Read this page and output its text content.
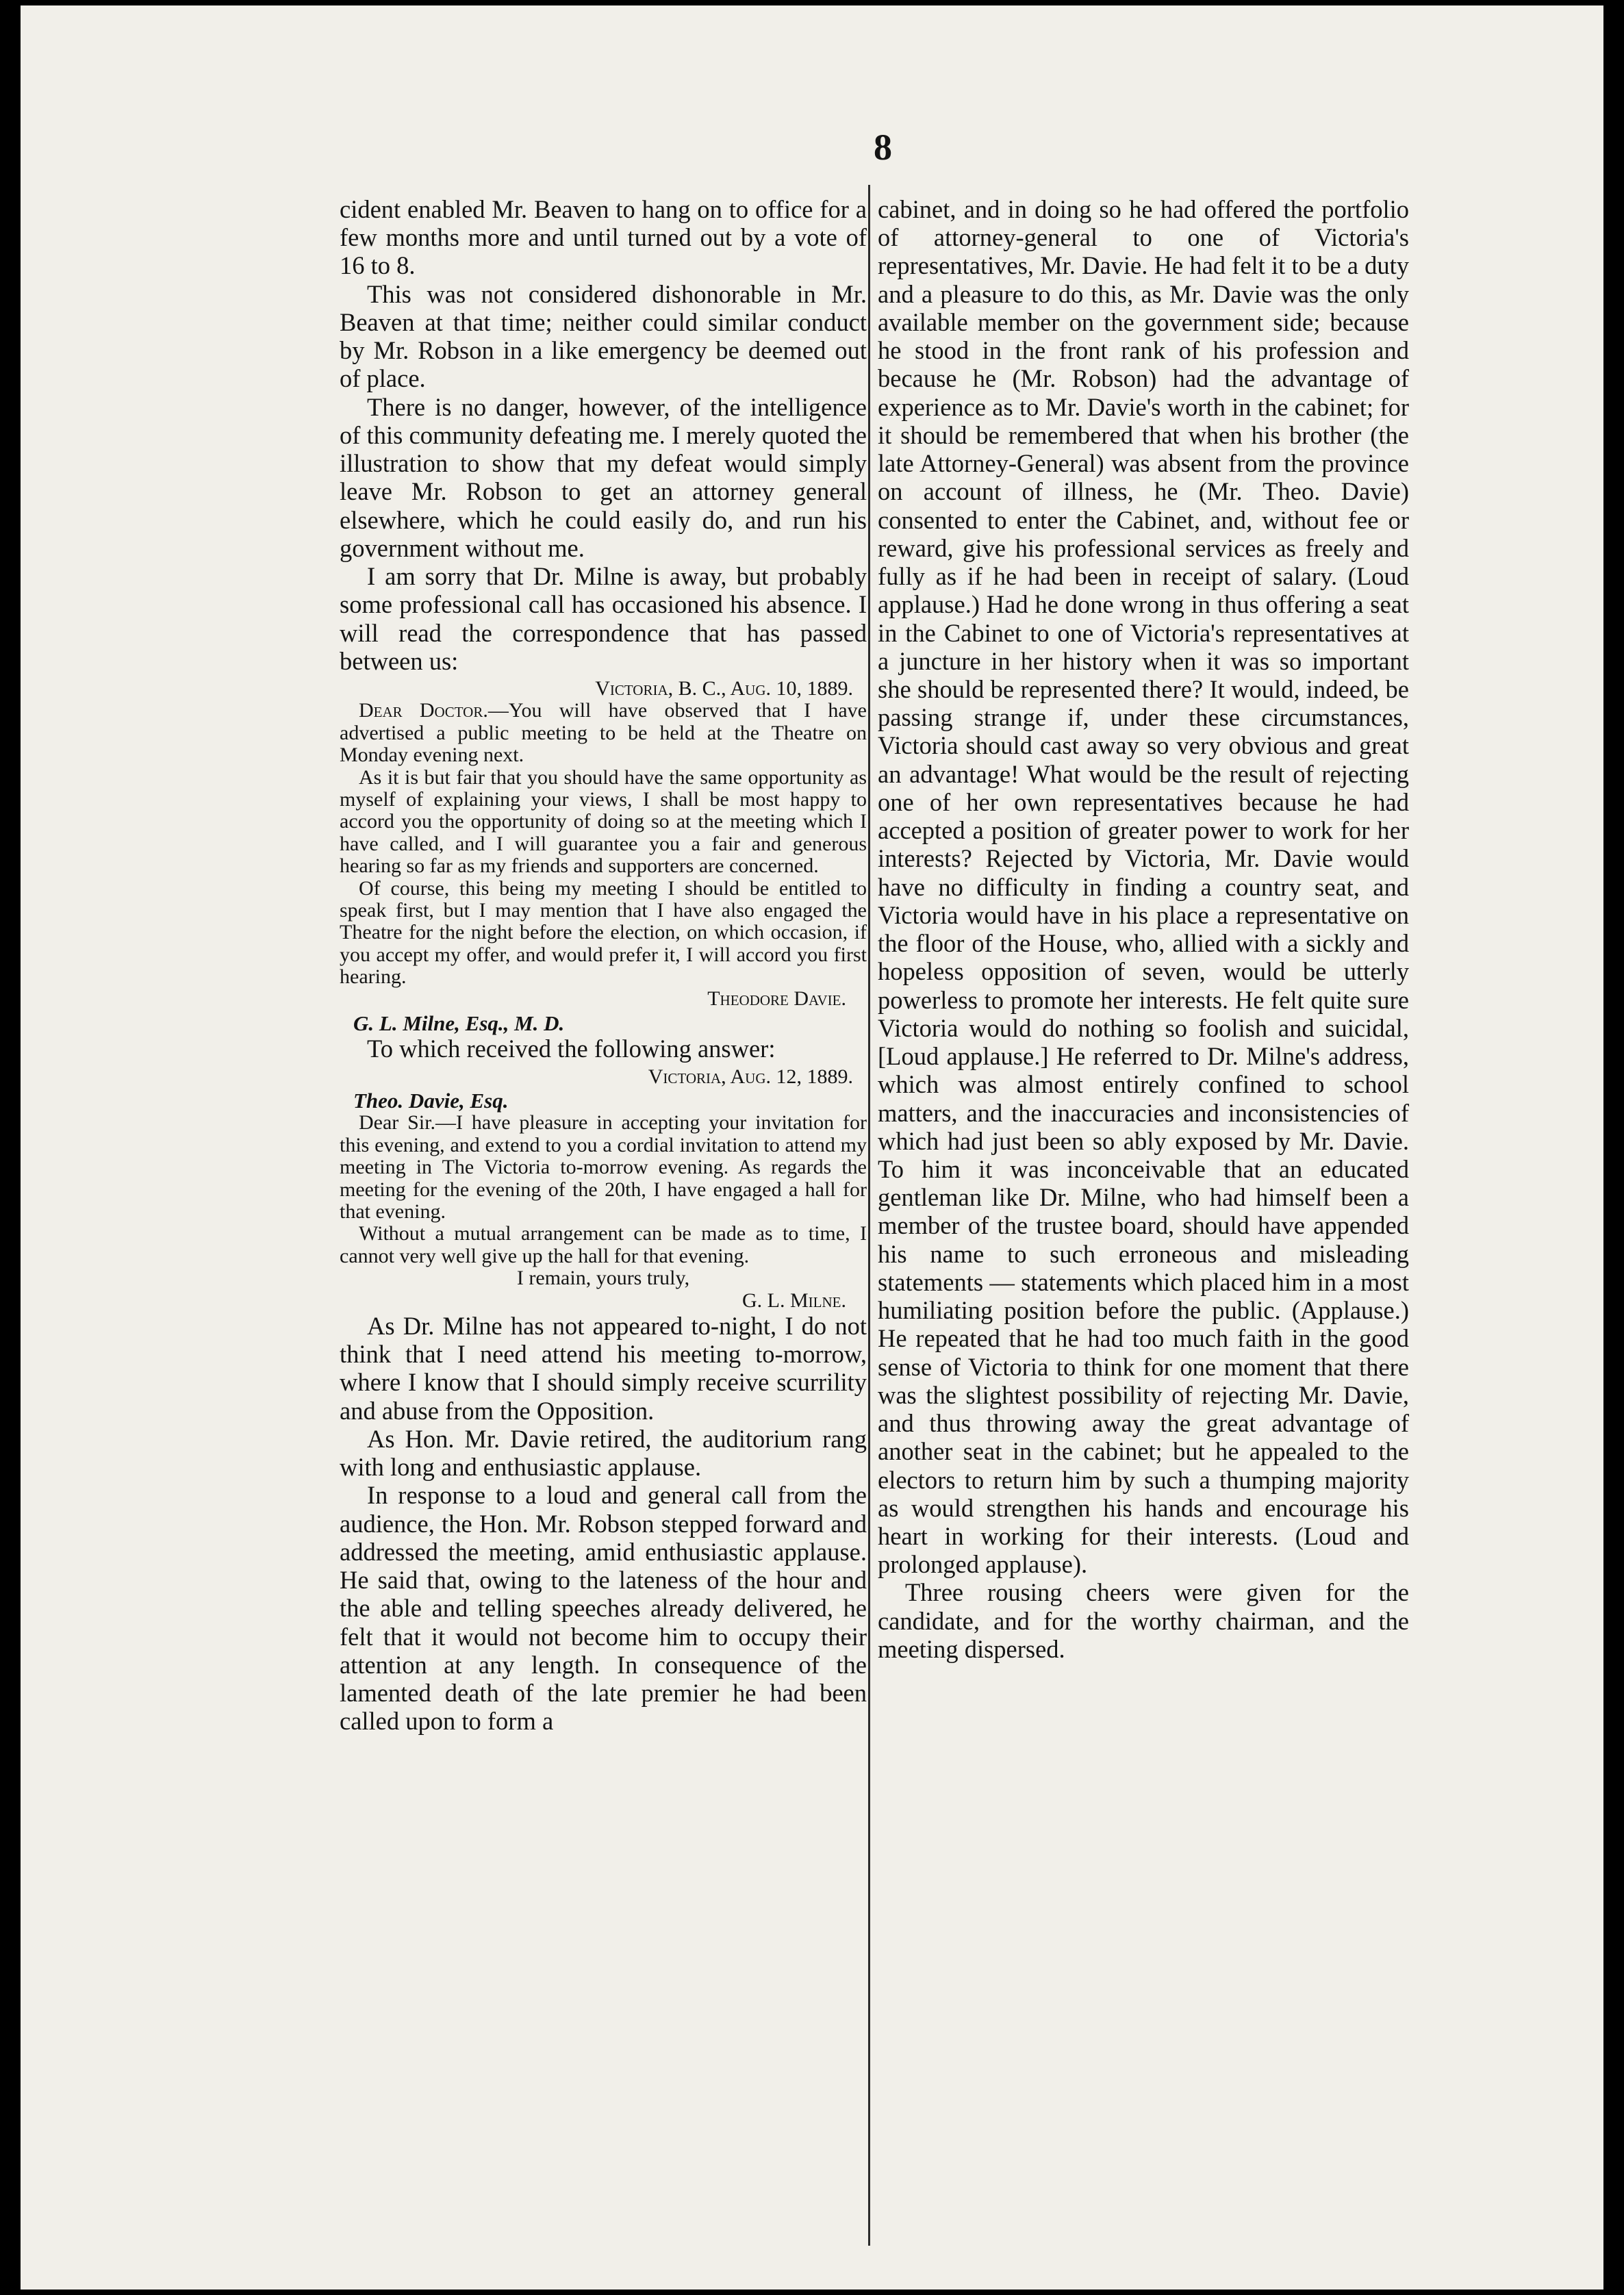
8

cident enabled Mr. Beaven to hang on to office for a few months more and until turned out by a vote of 16 to 8.

This was not considered dishonorable in Mr. Beaven at that time; neither could similar conduct by Mr. Robson in a like emergency be deemed out of place.

There is no danger, however, of the intelligence of this community defeating me. I merely quoted the illustration to show that my defeat would simply leave Mr. Robson to get an attorney general elsewhere, which he could easily do, and run his government without me.

I am sorry that Dr. Milne is away, but probably some professional call has occasioned his absence. I will read the correspondence that has passed between us:

Victoria, B. C., Aug. 10, 1889.

Dear Doctor.—You will have observed that I have advertised a public meeting to be held at the Theatre on Monday evening next.

As it is but fair that you should have the same opportunity as myself of explaining your views, I shall be most happy to accord you the opportunity of doing so at the meeting which I have called, and I will guarantee you a fair and generous hearing so far as my friends and supporters are concerned.

Of course, this being my meeting I should be entitled to speak first, but I may mention that I have also engaged the Theatre for the night before the election, on which occasion, if you accept my offer, and would prefer it, I will accord you first hearing.

Theodore Davie.
G. L. Milne, Esq., M. D.

To which received the following answer:

Victoria, Aug. 12, 1889.
Theo. Davie, Esq.

Dear Sir.—I have pleasure in accepting your invitation for this evening, and extend to you a cordial invitation to attend my meeting in The Victoria to-morrow evening. As regards the meeting for the evening of the 20th, I have engaged a hall for that evening.

Without a mutual arrangement can be made as to time, I cannot very well give up the hall for that evening.

I remain, yours truly,
G. L. Milne.

As Dr. Milne has not appeared to-night, I do not think that I need attend his meeting to-morrow, where I know that I should simply receive scurrility and abuse from the Opposition.

As Hon. Mr. Davie retired, the auditorium rang with long and enthusiastic applause.

In response to a loud and general call from the audience, the Hon. Mr. Robson stepped forward and addressed the meeting, amid enthusiastic applause. He said that, owing to the lateness of the hour and the able and telling speeches already delivered, he felt that it would not become him to occupy their attention at any length. In consequence of the lamented death of the late premier he had been called upon to form a

cabinet, and in doing so he had offered the portfolio of attorney-general to one of Victoria's representatives, Mr. Davie. He had felt it to be a duty and a pleasure to do this, as Mr. Davie was the only available member on the government side; because he stood in the front rank of his profession and because he (Mr. Robson) had the advantage of experience as to Mr. Davie's worth in the cabinet; for it should be remembered that when his brother (the late Attorney-General) was absent from the province on account of illness, he (Mr. Theo. Davie) consented to enter the Cabinet, and, without fee or reward, give his professional services as freely and fully as if he had been in receipt of salary. (Loud applause.) Had he done wrong in thus offering a seat in the Cabinet to one of Victoria's representatives at a juncture in her history when it was so important she should be represented there? It would, indeed, be passing strange if, under these circumstances, Victoria should cast away so very obvious and great an advantage! What would be the result of rejecting one of her own representatives because he had accepted a position of greater power to work for her interests? Rejected by Victoria, Mr. Davie would have no difficulty in finding a country seat, and Victoria would have in his place a representative on the floor of the House, who, allied with a sickly and hopeless opposition of seven, would be utterly powerless to promote her interests. He felt quite sure Victoria would do nothing so foolish and suicidal, [Loud applause.] He referred to Dr. Milne's address, which was almost entirely confined to school matters, and the inaccuracies and inconsistencies of which had just been so ably exposed by Mr. Davie. To him it was inconceivable that an educated gentleman like Dr. Milne, who had himself been a member of the trustee board, should have appended his name to such erroneous and misleading statements — statements which placed him in a most humiliating position before the public. (Applause.) He repeated that he had too much faith in the good sense of Victoria to think for one moment that there was the slightest possibility of rejecting Mr. Davie, and thus throwing away the great advantage of another seat in the cabinet; but he appealed to the electors to return him by such a thumping majority as would strengthen his hands and encourage his heart in working for their interests. (Loud and prolonged applause).

Three rousing cheers were given for the candidate, and for the worthy chairman, and the meeting dispersed.
